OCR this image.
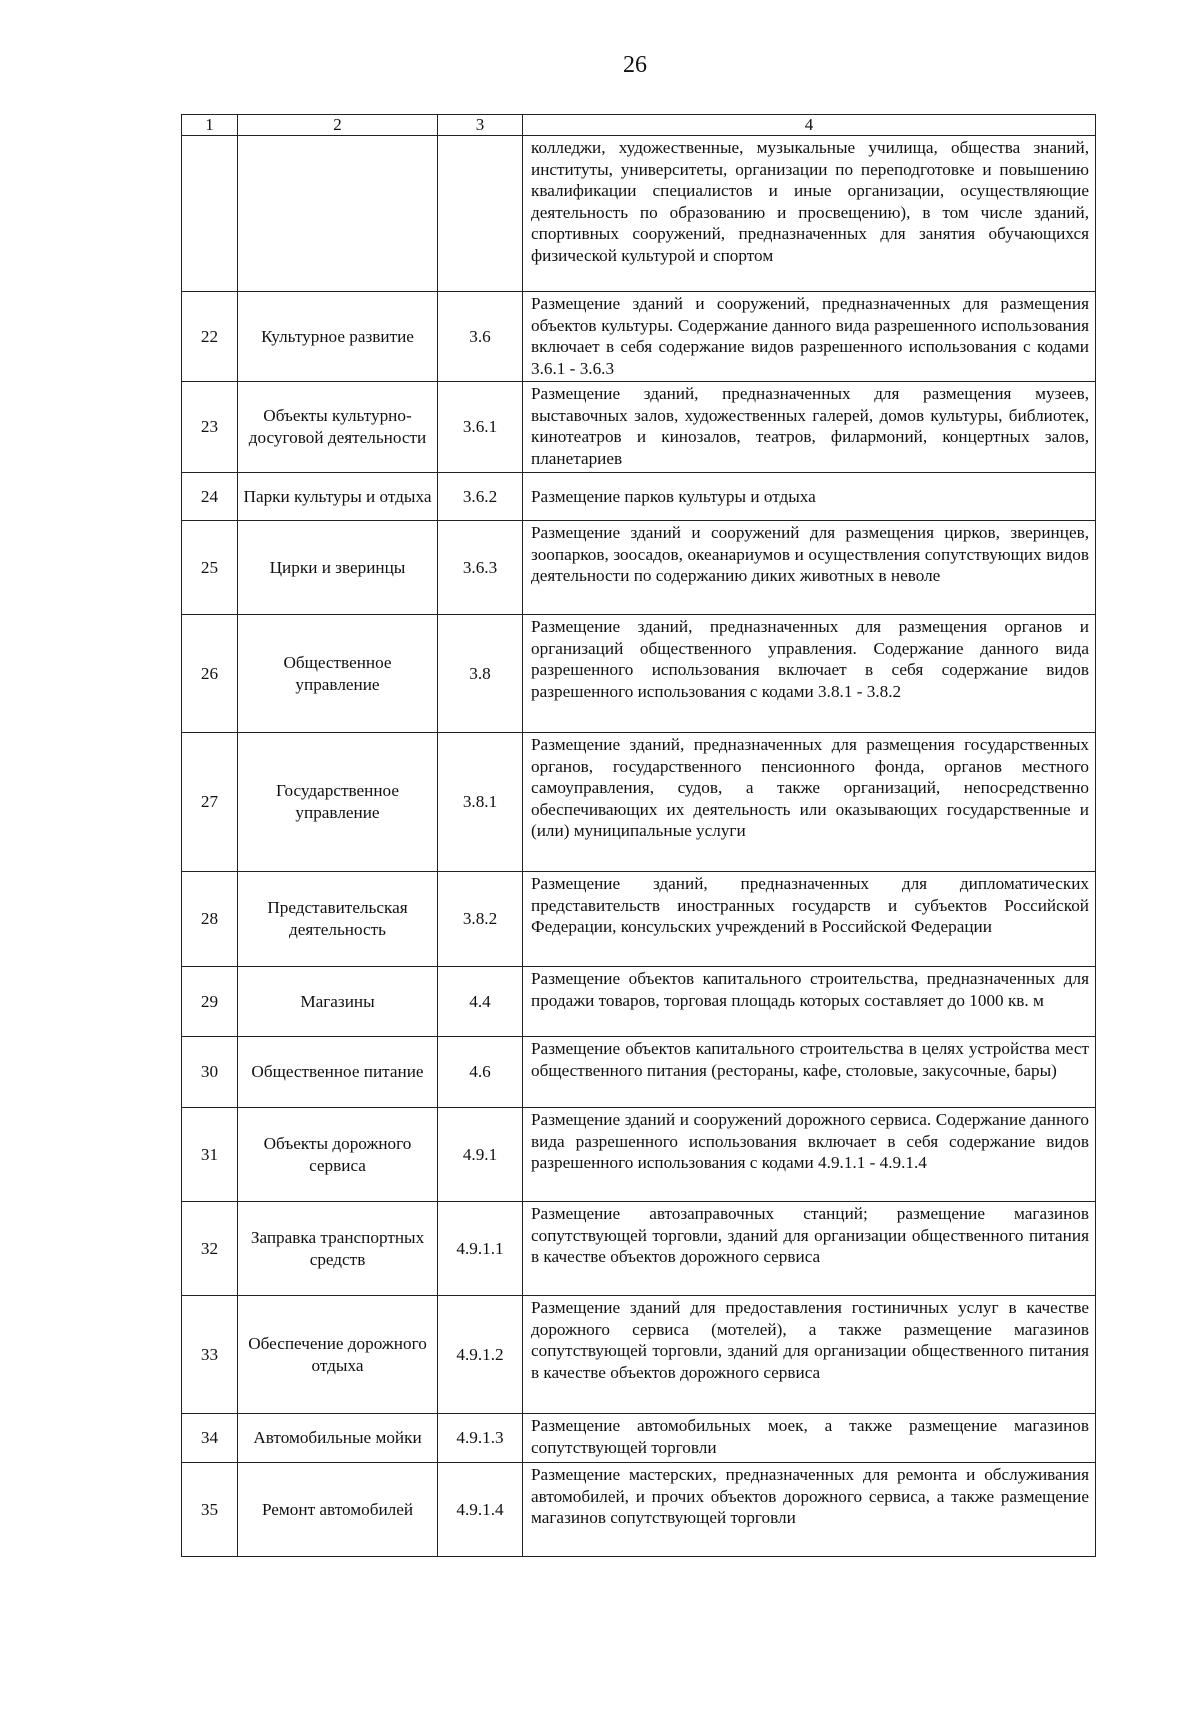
26
1	2	3	4
			колледжи, художественные, музыкальные училища, общества знаний, институты, университеты, организации по переподготовке и повышению квалификации специалистов и иные организации, осуществляющие деятельность по образованию и просвещению), в том числе зданий, спортивных сооружений, предназначенных для занятия обучающихся физической культурой и спортом
22	Культурное развитие	3.6	Размещение зданий и сооружений, предназначенных для размещения объектов культуры. Содержание данного вида разрешенного использования включает в себя содержание видов разрешенного использования с кодами 3.6.1 - 3.6.3
23	Объекты культурно-досуговой деятельности	3.6.1	Размещение зданий, предназначенных для размещения музеев, выставочных залов, художественных галерей, домов культуры, библиотек, кинотеатров и кинозалов, театров, филармоний, концертных залов, планетариев
24	Парки культуры и отдыха	3.6.2	Размещение парков культуры и отдыха
25	Цирки и зверинцы	3.6.3	Размещение зданий и сооружений для размещения цирков, зверинцев, зоопарков, зоосадов, океанариумов и осуществления сопутствующих видов деятельности по содержанию диких животных в неволе
26	Общественное управление	3.8	Размещение зданий, предназначенных для размещения органов и организаций общественного управления. Содержание данного вида разрешенного использования включает в себя содержание видов разрешенного использования с кодами 3.8.1 - 3.8.2
27	Государственное управление	3.8.1	Размещение зданий, предназначенных для размещения государственных органов, государственного пенсионного фонда, органов местного самоуправления, судов, а также организаций, непосредственно обеспечивающих их деятельность или оказывающих государственные и (или) муниципальные услуги
28	Представительская деятельность	3.8.2	Размещение зданий, предназначенных для дипломатических представительств иностранных государств и субъектов Российской Федерации, консульских учреждений в Российской Федерации
29	Магазины	4.4	Размещение объектов капитального строительства, предназначенных для продажи товаров, торговая площадь которых составляет до 1000 кв. м
30	Общественное питание	4.6	Размещение объектов капитального строительства в целях устройства мест общественного питания (рестораны, кафе, столовые, закусочные, бары)
31	Объекты дорожного сервиса	4.9.1	Размещение зданий и сооружений дорожного сервиса. Содержание данного вида разрешенного использования включает в себя содержание видов разрешенного использования с кодами 4.9.1.1 - 4.9.1.4
32	Заправка транспортных средств	4.9.1.1	Размещение автозаправочных станций; размещение магазинов сопутствующей торговли, зданий для организации общественного питания в качестве объектов дорожного сервиса
33	Обеспечение дорожного отдыха	4.9.1.2	Размещение зданий для предоставления гостиничных услуг в качестве дорожного сервиса (мотелей), а также размещение магазинов сопутствующей торговли, зданий для организации общественного питания в качестве объектов дорожного сервиса
34	Автомобильные мойки	4.9.1.3	Размещение автомобильных моек, а также размещение магазинов сопутствующей торговли
35	Ремонт автомобилей	4.9.1.4	Размещение мастерских, предназначенных для ремонта и обслуживания автомобилей, и прочих объектов дорожного сервиса, а также размещение магазинов сопутствующей торговли
